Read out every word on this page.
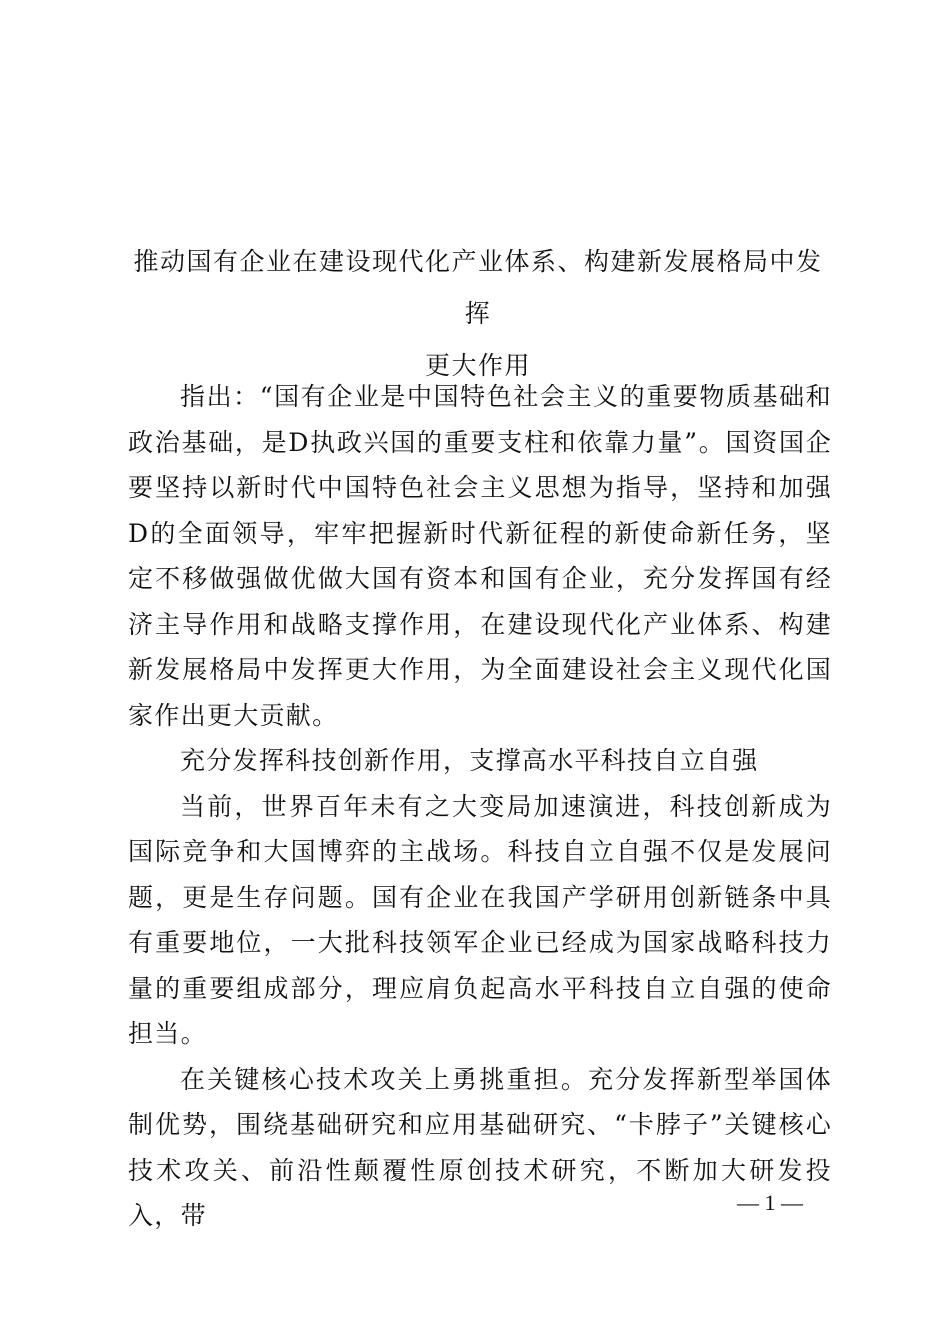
推动国有企业在建设现代化产业体系、构建新发展格局中发挥
更大作用

指出：“国有企业是中国特色社会主义的重要物质基础和政治基础，是D执政兴国的重要支柱和依靠力量”。国资国企要坚持以新时代中国特色社会主义思想为指导，坚持和加强D的全面领导，牢牢把握新时代新征程的新使命新任务，坚定不移做强做优做大国有资本和国有企业，充分发挥国有经济主导作用和战略支撑作用，在建设现代化产业体系、构建新发展格局中发挥更大作用，为全面建设社会主义现代化国家作出更大贡献。

充分发挥科技创新作用，支撑高水平科技自立自强

当前，世界百年未有之大变局加速演进，科技创新成为国际竞争和大国博弈的主战场。科技自立自强不仅是发展问题，更是生存问题。国有企业在我国产学研用创新链条中具有重要地位，一大批科技领军企业已经成为国家战略科技力量的重要组成部分，理应肩负起高水平科技自立自强的使命担当。

在关键核心技术攻关上勇挑重担。充分发挥新型举国体制优势，围绕基础研究和应用基础研究、“卡脖子”关键核心技术攻关、前沿性颠覆性原创技术研究，不断加大研发投入，带	— 1 —
